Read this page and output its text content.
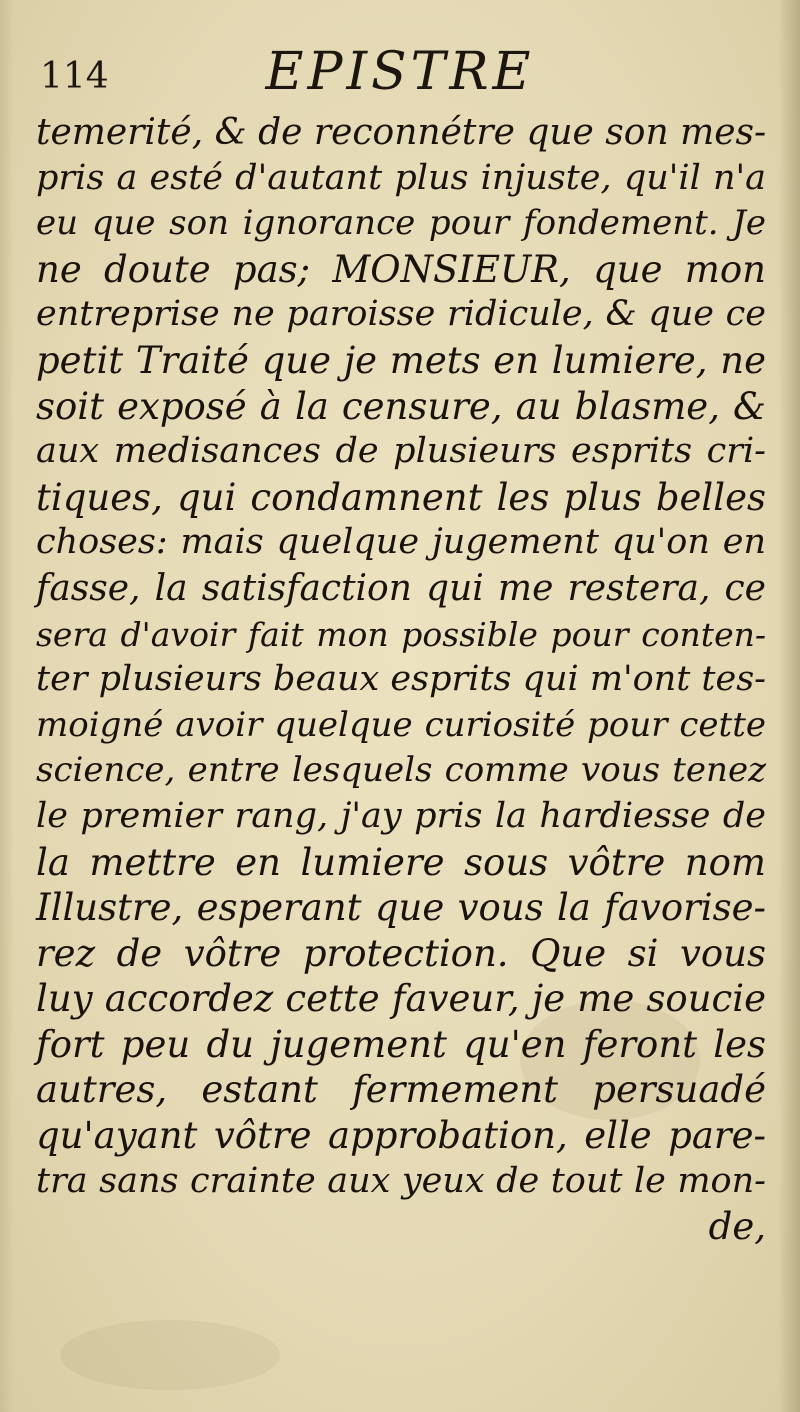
114	EPISTRE
temerité, & de reconnétre que son mes-
pris a esté d'autant plus injuste, qu'il n'a
eu que son ignorance pour fondement. Je
ne doute pas; MONSIEUR, que mon
entreprise ne paroisse ridicule, & que ce
petit Traité que je mets en lumiere, ne
soit exposé à la censure, au blasme, &
aux medisances de plusieurs esprits cri-
tiques, qui condamnent les plus belles
choses: mais quelque jugement qu'on en
fasse, la satisfaction qui me restera, ce
sera d'avoir fait mon possible pour conten-
ter plusieurs beaux esprits qui m'ont tes-
moigné avoir quelque curiosité pour cette
science, entre lesquels comme vous tenez
le premier rang, j'ay pris la hardiesse de
la mettre en lumiere sous vôtre nom
Illustre, esperant que vous la favorise-
rez de vôtre protection. Que si vous
luy accordez cette faveur, je me soucie
fort peu du jugement qu'en feront les
autres, estant fermement persuadé
qu'ayant vôtre approbation, elle pare-
tra sans crainte aux yeux de tout le mon-
de,
